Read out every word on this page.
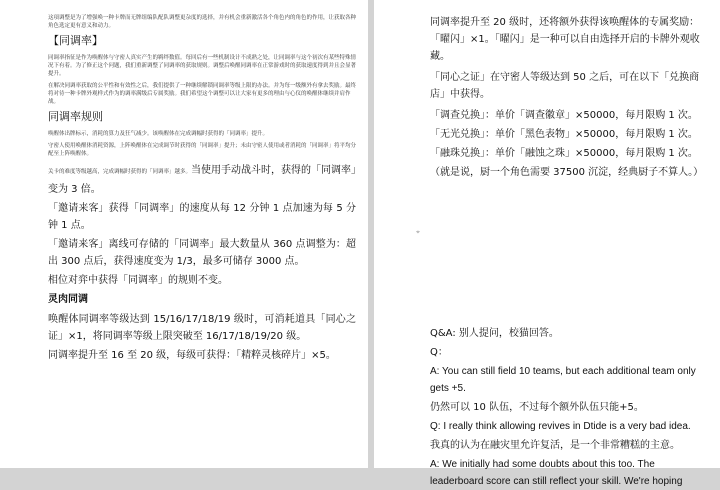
这项调整是为了增强唤一种卡牌而无牌组编队配队调整更杂度的选择，并有机会重新激活各个角色内的角色的作用，让获取各种角色选定更有意义和动力。

【同调率】

同调率指征是作为唤醒体与守密人真实产生的羁绊数值。每回后有一些机制设计不成熟之处，让同调率与这个初次有某些特殊情况下有着。为了修正这个问题，我们重新调整了同调率的获取规则。调整后唤醒同调率在正常游戏时的获取速度得到并且会显著提升。

在解决同调率获取的公平性和有效性之后，我们提供了一种继续解锁同调率等级上限的办法。并为每一级额外有拿去奖励。最终将对待一种卡牌外观样式作为的调率满级后专属奖励。我们希望这个调整可以让大家有更多的理由与心仪的唤醒体继续并肩作战。

同调率规则

唤醒体出牌标示，消耗的算力及狂气减少。该唤醒体在完成调幅时获得的「同调率」提升。

守密人使用唤醒体消耗资源，上阵唤醒体在完成调节时获得的「同调率」提升；未由守密人使用或者消耗的「同调率」将平均分配至上阵唤醒体。

关卡的难度等级越高，完成调幅时获得的「同调率」越多。当使用手动战斗时，获得的「同调率」变为 3 倍。

「邀请来客」获得「同调率」的速度从每 12 分钟 1 点加速为每 5 分钟 1 点。

「邀请来客」离线可存储的「同调率」最大数量从 360 点调整为：超出 300 点后，获得速度变为 1/3，最多可储存 3000 点。

相位对弈中获得「同调率」的规则不变。

灵肉同调

唤醒体同调率等级达到 15/16/17/18/19 级时，可消耗道具「同心之证」×1，将同调率等级上限突破至 16/17/18/19/20 级。

同调率提升至 16 至 20 级，每级可获得：「精粹灵核碎片」×5。

同调率提升至 20 级时，还将额外获得该唤醒体的专属奖励：「曜闪」×1。「曜闪」是一种可以自由选择开启的卡牌外观收藏。

「同心之证」在守密人等级达到 50 之后，可在以下「兑换商店」中获得。

「调查兑换」：单价「调查徽章」×50000，每月限购 1 次。

「无光兑换」：单价「黑色表物」×50000，每月限购 1 次。

「融珠兑换」：单价「融蚀之珠」×50000，每月限购 1 次。

（就是说，厨一个角色需要 37500 沉淀，经典厨子不算人。）

Q&A: 别人提问，校猫回答。

Q：

A: You can still field 10 teams, but each additional team only gets +5.

仍然可以 10 队伍，不过每个额外队伍只能+5。

Q: I really think allowing revives in Dtide is a very bad idea.

我真的认为在融灾里允许复活，是一个非常糟糕的主意。

A: We initially had some doubts about this too. The leaderboard score can still reflect your skill. We're hoping

⌖
